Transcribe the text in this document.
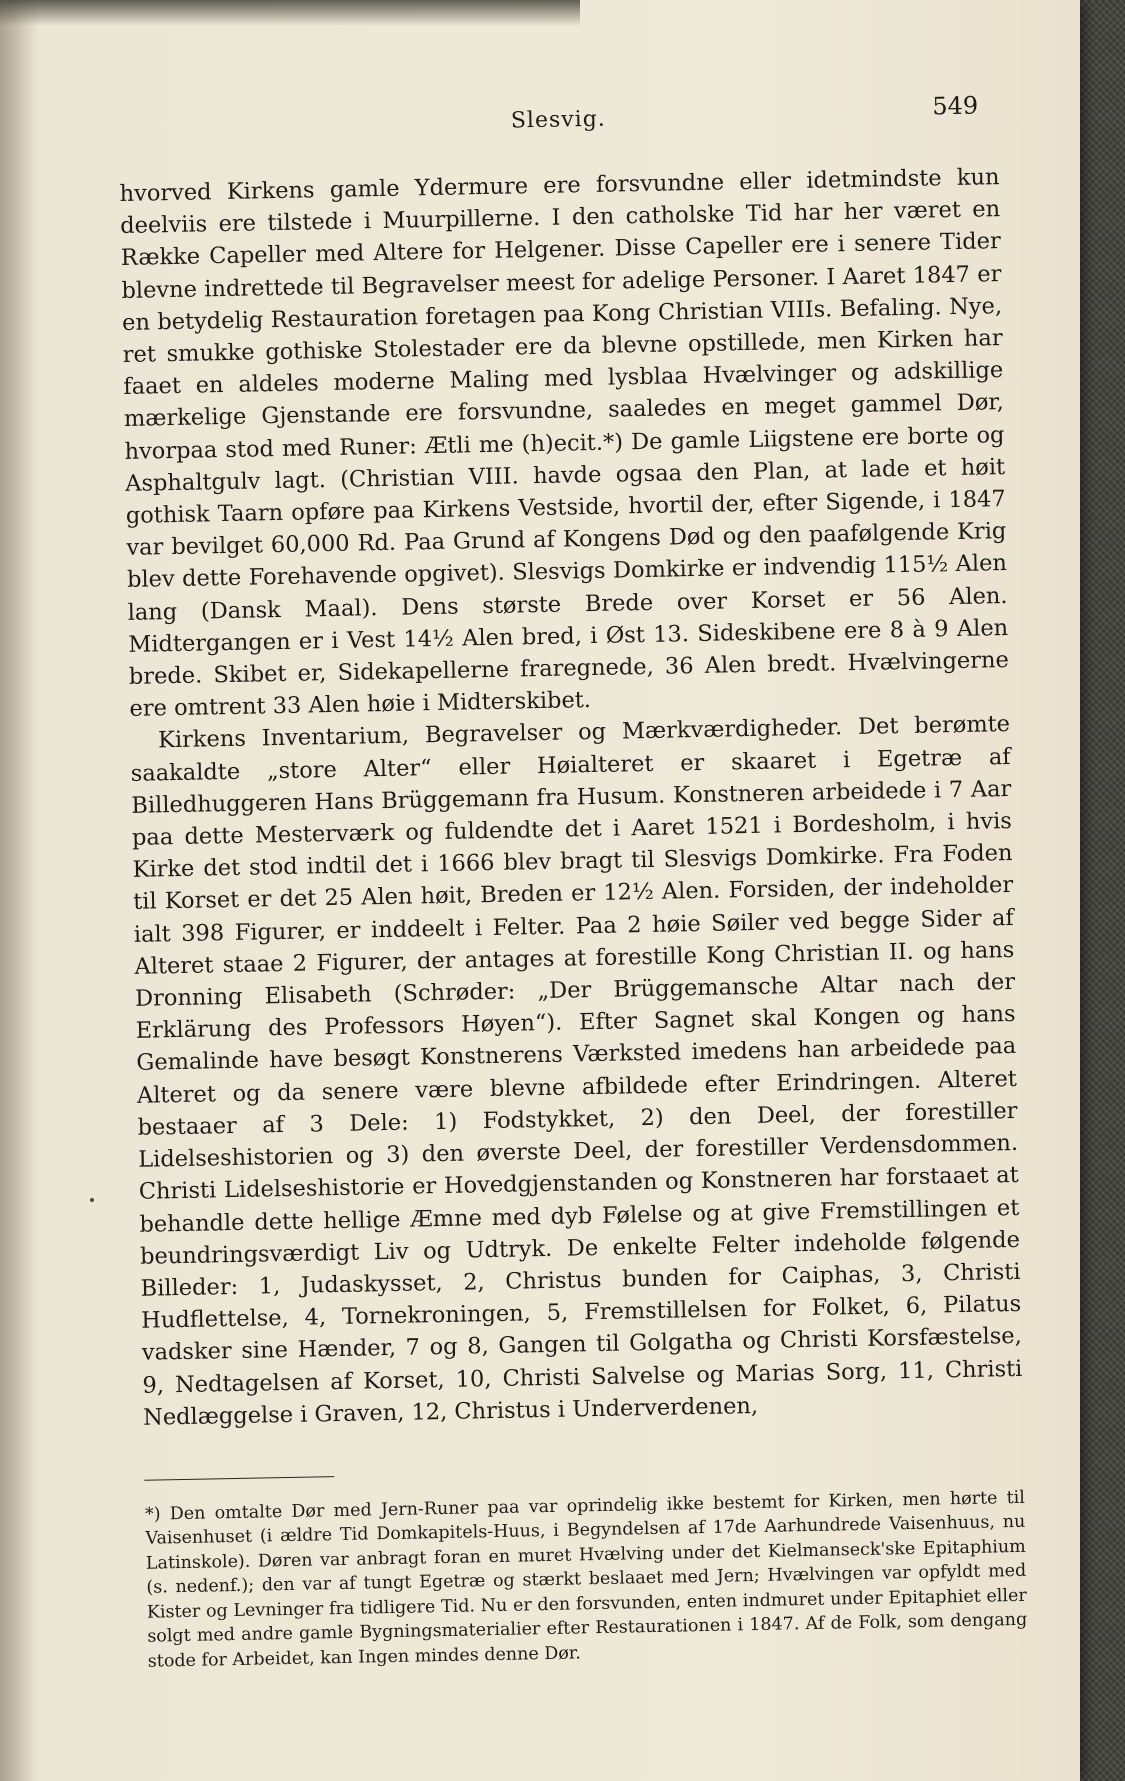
Slesvig.	549

hvorved Kirkens gamle Ydermure ere forsvundne eller idetmindste kun deelviis ere tilstede i Muurpillerne. I den catholske Tid har her været en Række Capeller med Altere for Helgener. Disse Capeller ere i senere Tider blevne indrettede til Begravelser meest for adelige Personer. I Aaret 1847 er en betydelig Restauration foretagen paa Kong Christian VIIIs. Befaling. Nye, ret smukke gothiske Stolestader ere da blevne opstillede, men Kirken har faaet en aldeles moderne Maling med lysblaa Hvælvinger og adskillige mærkelige Gjenstande ere forsvundne, saaledes en meget gammel Dør, hvorpaa stod med Runer: Ætli me (h)ecit.*) De gamle Liigstene ere borte og Asphaltgulv lagt. (Christian VIII. havde ogsaa den Plan, at lade et høit gothisk Taarn opføre paa Kirkens Vestside, hvortil der, efter Sigende, i 1847 var bevilget 60,000 Rd. Paa Grund af Kongens Død og den paafølgende Krig blev dette Forehavende opgivet). Slesvigs Domkirke er indvendig 115½ Alen lang (Dansk Maal). Dens største Brede over Korset er 56 Alen. Midtergangen er i Vest 14½ Alen bred, i Øst 13. Sideskibene ere 8 à 9 Alen brede. Skibet er, Sidekapellerne fraregnede, 36 Alen bredt. Hvælvingerne ere omtrent 33 Alen høie i Midterskibet.

Kirkens Inventarium, Begravelser og Mærkværdigheder. Det berømte saakaldte „store Alter“ eller Høialteret er skaaret i Egetræ af Billedhuggeren Hans Brüggemann fra Husum. Konstneren arbeidede i 7 Aar paa dette Mesterværk og fuldendte det i Aaret 1521 i Bordesholm, i hvis Kirke det stod indtil det i 1666 blev bragt til Slesvigs Domkirke. Fra Foden til Korset er det 25 Alen høit, Breden er 12½ Alen. Forsiden, der indeholder ialt 398 Figurer, er inddeelt i Felter. Paa 2 høie Søiler ved begge Sider af Alteret staae 2 Figurer, der antages at forestille Kong Christian II. og hans Dronning Elisabeth (Schrøder: „Der Brüggemansche Altar nach der Erklärung des Professors Høyen“). Efter Sagnet skal Kongen og hans Gemalinde have besøgt Konstnerens Værksted imedens han arbeidede paa Alteret og da senere være blevne afbildede efter Erindringen. Alteret bestaaer af 3 Dele: 1) Fodstykket, 2) den Deel, der forestiller Lidelseshistorien og 3) den øverste Deel, der forestiller Verdensdommen. Christi Lidelseshistorie er Hovedgjenstanden og Konstneren har forstaaet at behandle dette hellige Æmne med dyb Følelse og at give Fremstillingen et beundringsværdigt Liv og Udtryk. De enkelte Felter indeholde følgende Billeder: 1, Judaskysset, 2, Christus bunden for Caiphas, 3, Christi Hudflettelse, 4, Tornekroningen, 5, Fremstillelsen for Folket, 6, Pilatus vadsker sine Hænder, 7 og 8, Gangen til Golgatha og Christi Korsfæstelse, 9, Nedtagelsen af Korset, 10, Christi Salvelse og Marias Sorg, 11, Christi Nedlæggelse i Graven, 12, Christus i Underverdenen,

*) Den omtalte Dør med Jern-Runer paa var oprindelig ikke bestemt for Kirken, men hørte til Vaisenhuset (i ældre Tid Domkapitels-Huus, i Begyndelsen af 17de Aarhundrede Vaisenhuus, nu Latinskole). Døren var anbragt foran en muret Hvælving under det Kielmanseck'ske Epitaphium (s. nedenf.); den var af tungt Egetræ og stærkt beslaaet med Jern; Hvælvingen var opfyldt med Kister og Levninger fra tidligere Tid. Nu er den forsvunden, enten indmuret under Epitaphiet eller solgt med andre gamle Bygningsmaterialier efter Restaurationen i 1847. Af de Folk, som dengang stode for Arbeidet, kan Ingen mindes denne Dør.
